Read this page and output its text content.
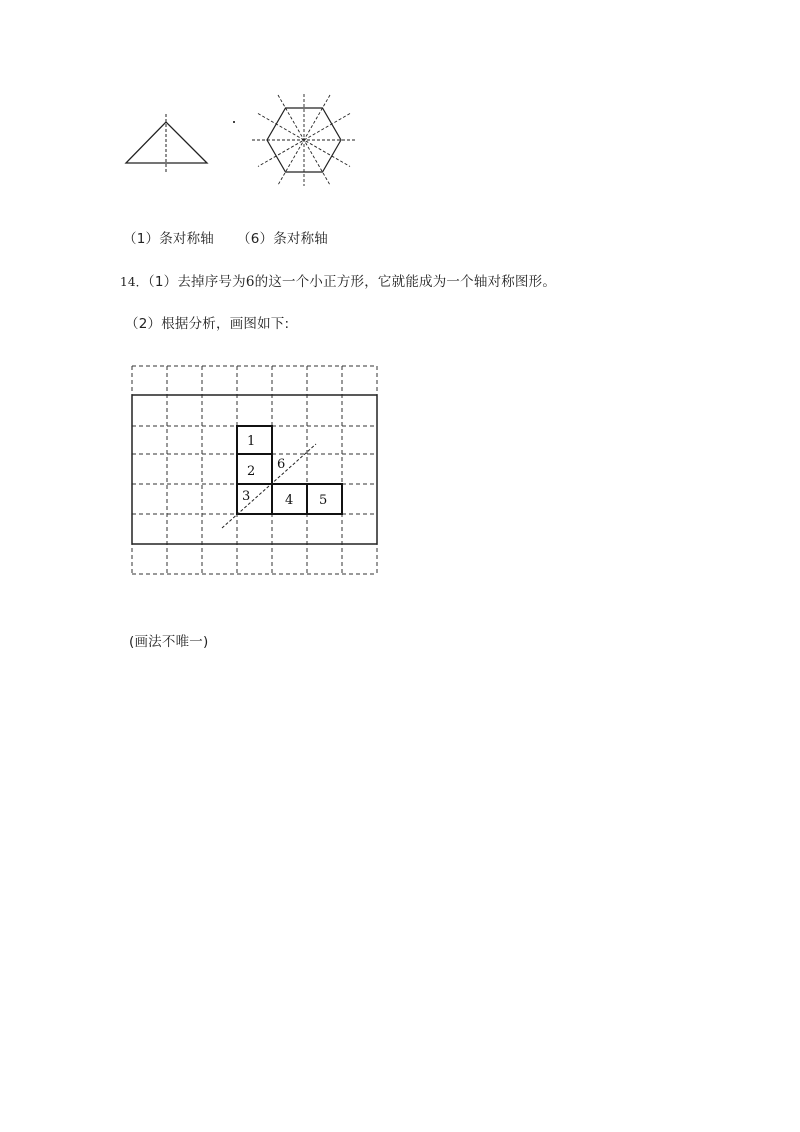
（1）条对称轴 （6）条对称轴
14．（1）去掉序号为6的这一个小正方形，它就能成为一个轴对称图形。
（2）根据分析，画图如下:
1
2
3	4 5
6
(画法不唯一)
